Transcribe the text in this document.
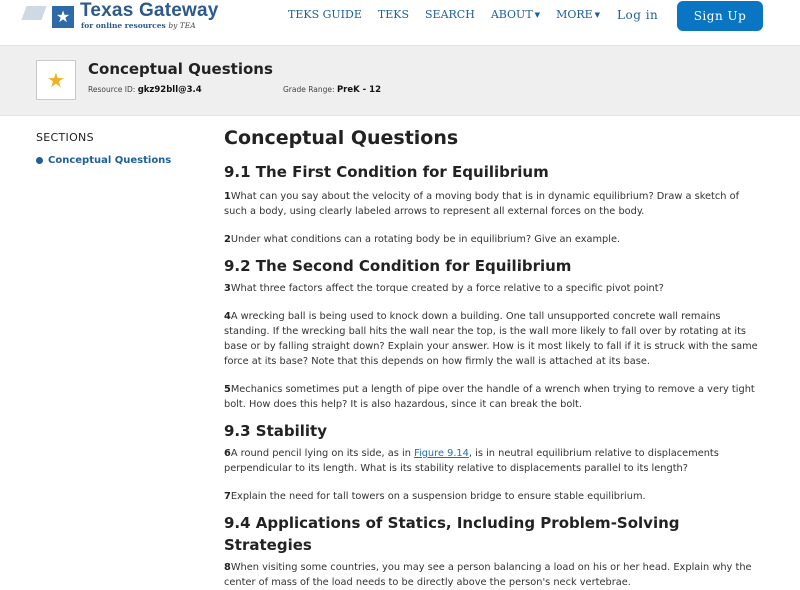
★ Texas Gateway
for online resources by TEA
TEKS GUIDE TEKS SEARCH ABOUT ▼ MORE ▼ Log in	Sign Up
★	Conceptual Questions
Resource ID: gkz92bll@3.4	Grade Range: PreK - 12
SECTIONS
Conceptual Questions
Conceptual Questions
9.1 The First Condition for Equilibrium

1What can you say about the velocity of a moving body that is in dynamic equilibrium? Draw a sketch of such a body, using clearly labeled arrows to represent all external forces on the body.

2Under what conditions can a rotating body be in equilibrium? Give an example.

9.2 The Second Condition for Equilibrium

3What three factors affect the torque created by a force relative to a specific pivot point?

4A wrecking ball is being used to knock down a building. One tall unsupported concrete wall remains standing. If the wrecking ball hits the wall near the top, is the wall more likely to fall over by rotating at its base or by falling straight down? Explain your answer. How is it most likely to fall if it is struck with the same force at its base? Note that this depends on how firmly the wall is attached at its base.

5Mechanics sometimes put a length of pipe over the handle of a wrench when trying to remove a very tight bolt. How does this help? It is also hazardous, since it can break the bolt.

9.3 Stability

6A round pencil lying on its side, as in Figure 9.14, is in neutral equilibrium relative to displacements perpendicular to its length. What is its stability relative to displacements parallel to its length?

7Explain the need for tall towers on a suspension bridge to ensure stable equilibrium.

9.4 Applications of Statics, Including Problem-Solving Strategies

8When visiting some countries, you may see a person balancing a load on his or her head. Explain why the center of mass of the load needs to be directly above the person's neck vertebrae.
